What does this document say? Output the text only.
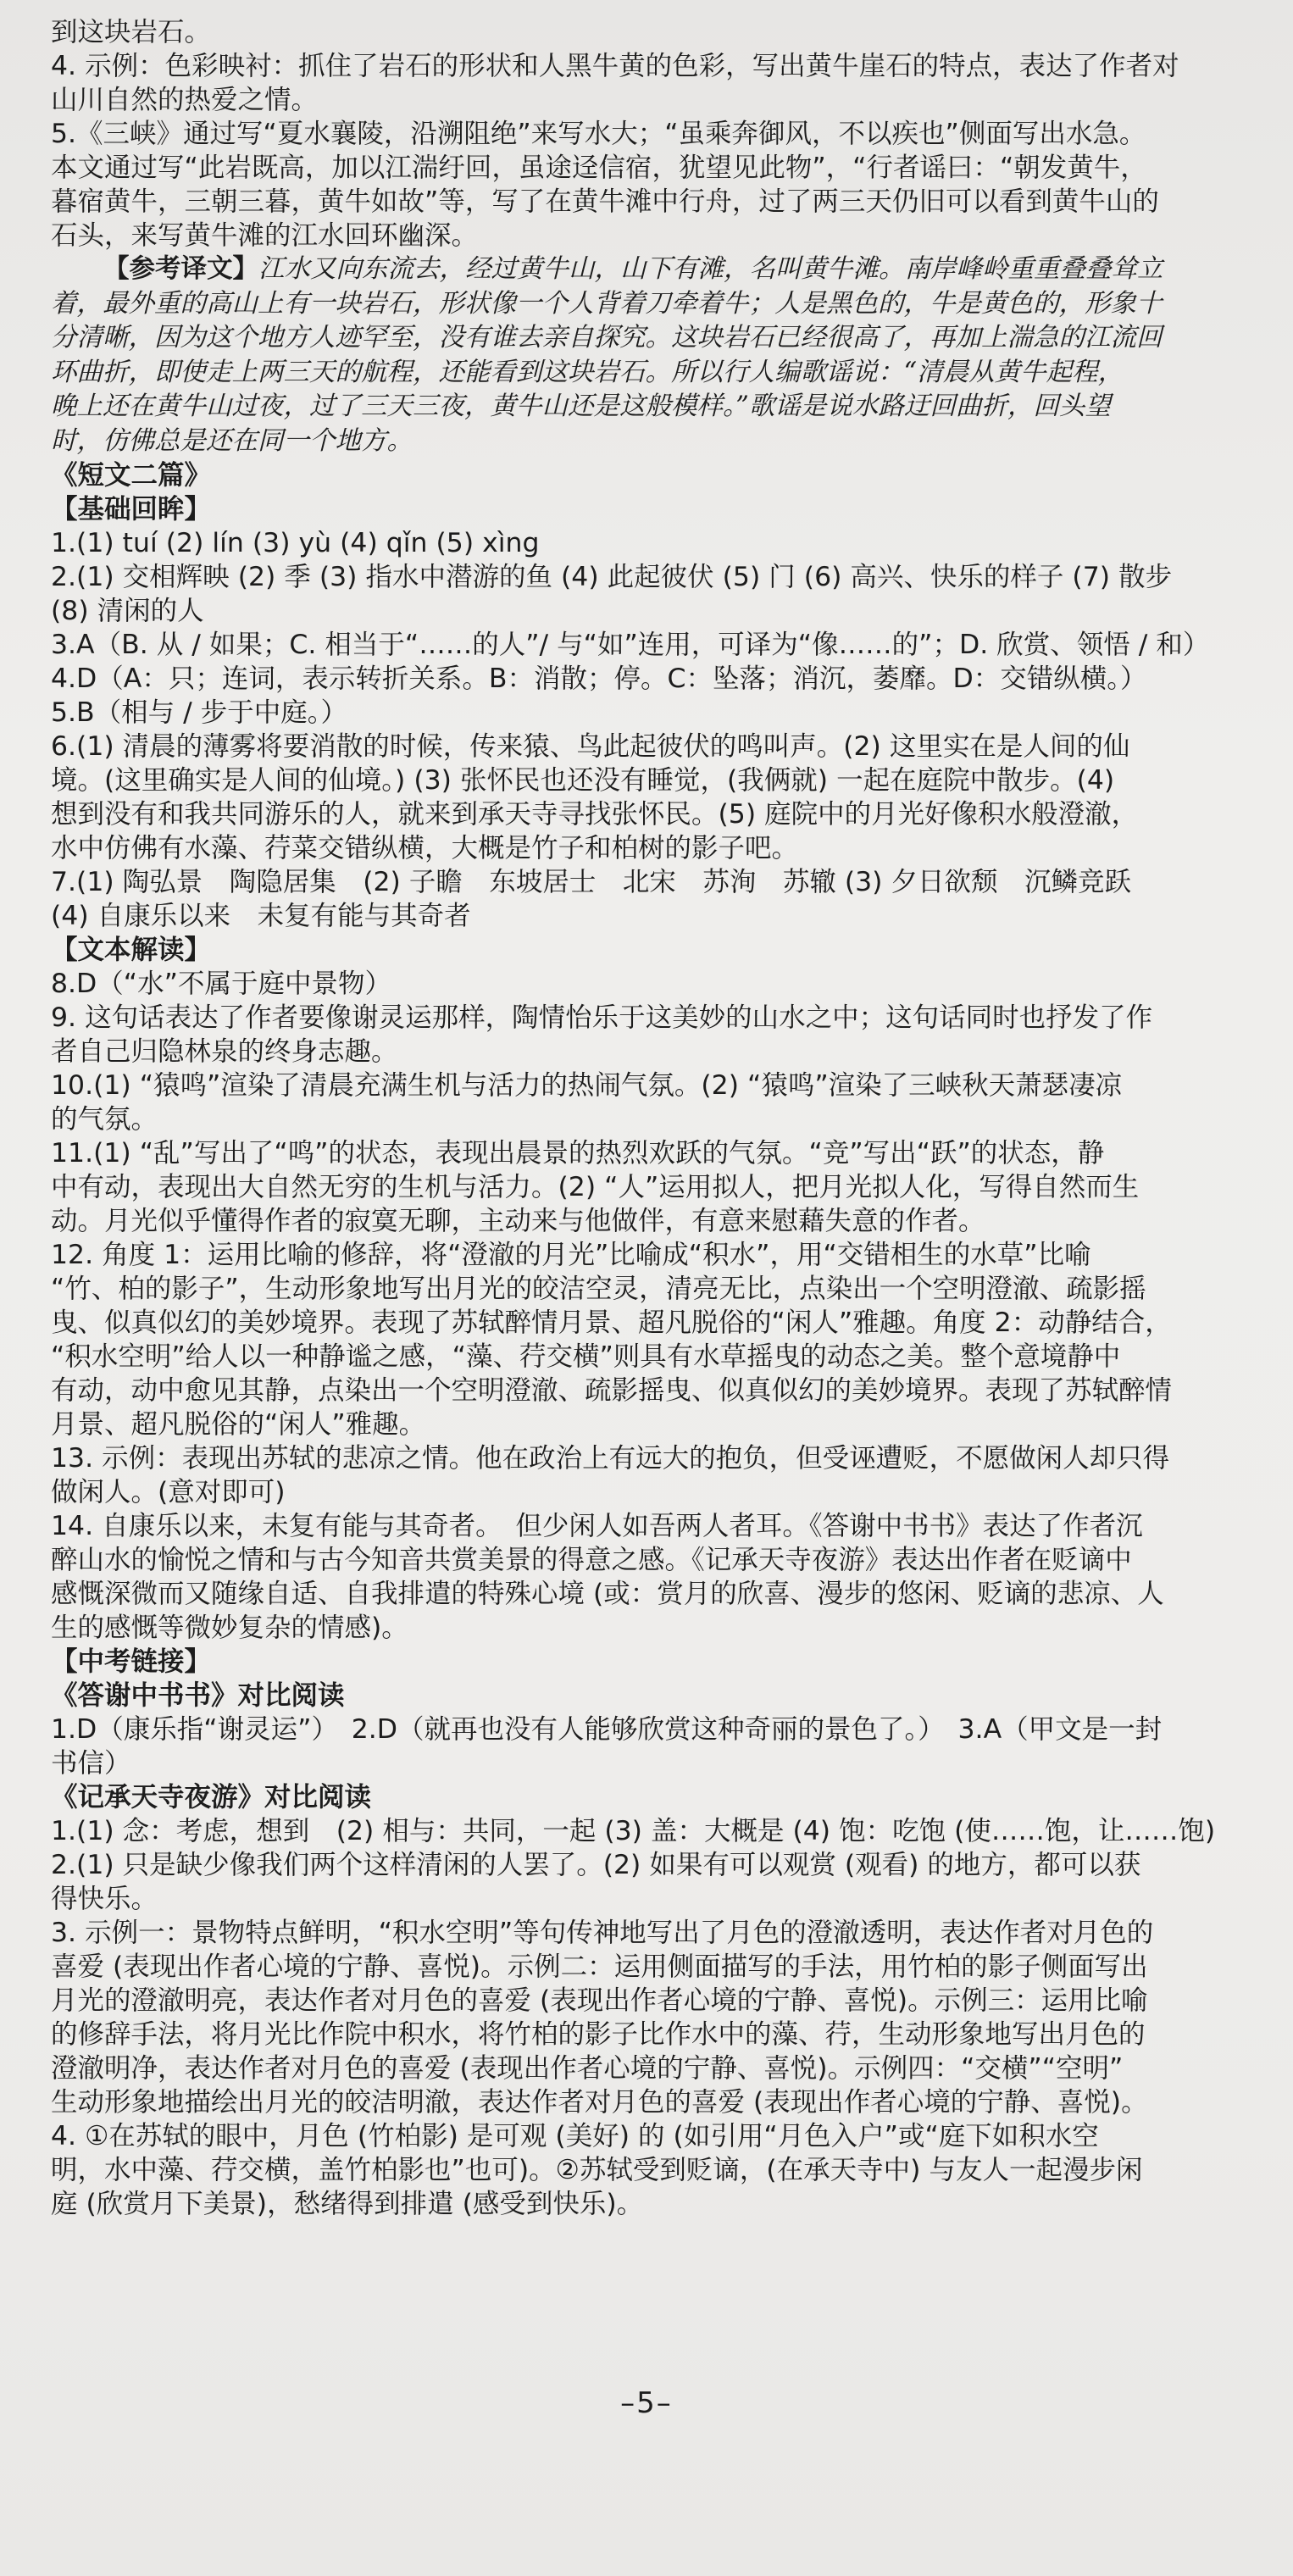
到这块岩石。
4. 示例：色彩映衬：抓住了岩石的形状和人黑牛黄的色彩，写出黄牛崖石的特点，表达了作者对
山川自然的热爱之情。
5.《三峡》通过写“夏水襄陵，沿溯阻绝”来写水大；“虽乘奔御风，不以疾也”侧面写出水急。
本文通过写“此岩既高，加以江湍纡回，虽途迳信宿，犹望见此物”，“行者谣曰：“朝发黄牛，
暮宿黄牛，三朝三暮，黄牛如故”等，写了在黄牛滩中行舟，过了两三天仍旧可以看到黄牛山的
石头，来写黄牛滩的江水回环幽深。
【参考译文】江水又向东流去，经过黄牛山，山下有滩，名叫黄牛滩。南岸峰岭重重叠叠耸立
着，最外重的高山上有一块岩石，形状像一个人背着刀牵着牛；人是黑色的，牛是黄色的，形象十
分清晰，因为这个地方人迹罕至，没有谁去亲自探究。这块岩石已经很高了，再加上湍急的江流回
环曲折，即使走上两三天的航程，还能看到这块岩石。所以行人编歌谣说：“清晨从黄牛起程，
晚上还在黄牛山过夜，过了三天三夜，黄牛山还是这般模样。”歌谣是说水路迂回曲折，回头望
时，仿佛总是还在同一个地方。
《短文二篇》
【基础回眸】
1.(1) tuí (2) lín (3) yù (4) qǐn (5) xìng
2.(1) 交相辉映 (2) 季 (3) 指水中潜游的鱼 (4) 此起彼伏 (5) 门 (6) 高兴、快乐的样子 (7) 散步
(8) 清闲的人
3.A（B. 从 / 如果；C. 相当于“……的人”/ 与“如”连用，可译为“像……的”；D. 欣赏、领悟 / 和）
4.D（A：只；连词，表示转折关系。B：消散；停。C：坠落；消沉，萎靡。D：交错纵横。）
5.B（相与 / 步于中庭。）
6.(1) 清晨的薄雾将要消散的时候，传来猿、鸟此起彼伏的鸣叫声。(2) 这里实在是人间的仙
境。(这里确实是人间的仙境。) (3) 张怀民也还没有睡觉，(我俩就) 一起在庭院中散步。(4)
想到没有和我共同游乐的人，就来到承天寺寻找张怀民。(5) 庭院中的月光好像积水般澄澈，
水中仿佛有水藻、荇菜交错纵横，大概是竹子和柏树的影子吧。
7.(1) 陶弘景　陶隐居集　(2) 子瞻　东坡居士　北宋　苏洵　苏辙 (3) 夕日欲颓　沉鳞竞跃
(4) 自康乐以来　未复有能与其奇者
【文本解读】
8.D（“水”不属于庭中景物）
9. 这句话表达了作者要像谢灵运那样，陶情怡乐于这美妙的山水之中；这句话同时也抒发了作
者自己归隐林泉的终身志趣。
10.(1) “猿鸣”渲染了清晨充满生机与活力的热闹气氛。(2) “猿鸣”渲染了三峡秋天萧瑟凄凉
的气氛。
11.(1) “乱”写出了“鸣”的状态，表现出晨景的热烈欢跃的气氛。“竞”写出“跃”的状态，静
中有动，表现出大自然无穷的生机与活力。(2) “人”运用拟人，把月光拟人化，写得自然而生
动。月光似乎懂得作者的寂寞无聊，主动来与他做伴，有意来慰藉失意的作者。
12. 角度 1：运用比喻的修辞，将“澄澈的月光”比喻成“积水”，用“交错相生的水草”比喻
“竹、柏的影子”，生动形象地写出月光的皎洁空灵，清亮无比，点染出一个空明澄澈、疏影摇
曳、似真似幻的美妙境界。表现了苏轼醉情月景、超凡脱俗的“闲人”雅趣。角度 2：动静结合，
“积水空明”给人以一种静谧之感，“藻、荇交横”则具有水草摇曳的动态之美。整个意境静中
有动，动中愈见其静，点染出一个空明澄澈、疏影摇曳、似真似幻的美妙境界。表现了苏轼醉情
月景、超凡脱俗的“闲人”雅趣。
13. 示例：表现出苏轼的悲凉之情。他在政治上有远大的抱负，但受诬遭贬，不愿做闲人却只得
做闲人。(意对即可)
14. 自康乐以来，未复有能与其奇者。　但少闲人如吾两人者耳。《答谢中书书》表达了作者沉
醉山水的愉悦之情和与古今知音共赏美景的得意之感。《记承天寺夜游》表达出作者在贬谪中
感慨深微而又随缘自适、自我排遣的特殊心境 (或：赏月的欣喜、漫步的悠闲、贬谪的悲凉、人
生的感慨等微妙复杂的情感)。
【中考链接】
《答谢中书书》对比阅读
1.D（康乐指“谢灵运”）　2.D（就再也没有人能够欣赏这种奇丽的景色了。）　3.A（甲文是一封
书信）
《记承天寺夜游》对比阅读
1.(1) 念：考虑，想到　(2) 相与：共同，一起 (3) 盖：大概是 (4) 饱：吃饱 (使……饱，让……饱)
2.(1) 只是缺少像我们两个这样清闲的人罢了。(2) 如果有可以观赏 (观看) 的地方，都可以获
得快乐。
3. 示例一：景物特点鲜明，“积水空明”等句传神地写出了月色的澄澈透明，表达作者对月色的
喜爱 (表现出作者心境的宁静、喜悦)。示例二：运用侧面描写的手法，用竹柏的影子侧面写出
月光的澄澈明亮，表达作者对月色的喜爱 (表现出作者心境的宁静、喜悦)。示例三：运用比喻
的修辞手法，将月光比作院中积水，将竹柏的影子比作水中的藻、荇，生动形象地写出月色的
澄澈明净，表达作者对月色的喜爱 (表现出作者心境的宁静、喜悦)。示例四：“交横”“空明”
生动形象地描绘出月光的皎洁明澈，表达作者对月色的喜爱 (表现出作者心境的宁静、喜悦)。
4. ①在苏轼的眼中，月色 (竹柏影) 是可观 (美好) 的 (如引用“月色入户”或“庭下如积水空
明，水中藻、荇交横，盖竹柏影也”也可)。②苏轼受到贬谪，(在承天寺中) 与友人一起漫步闲
庭 (欣赏月下美景)，愁绪得到排遣 (感受到快乐)。
–5–
